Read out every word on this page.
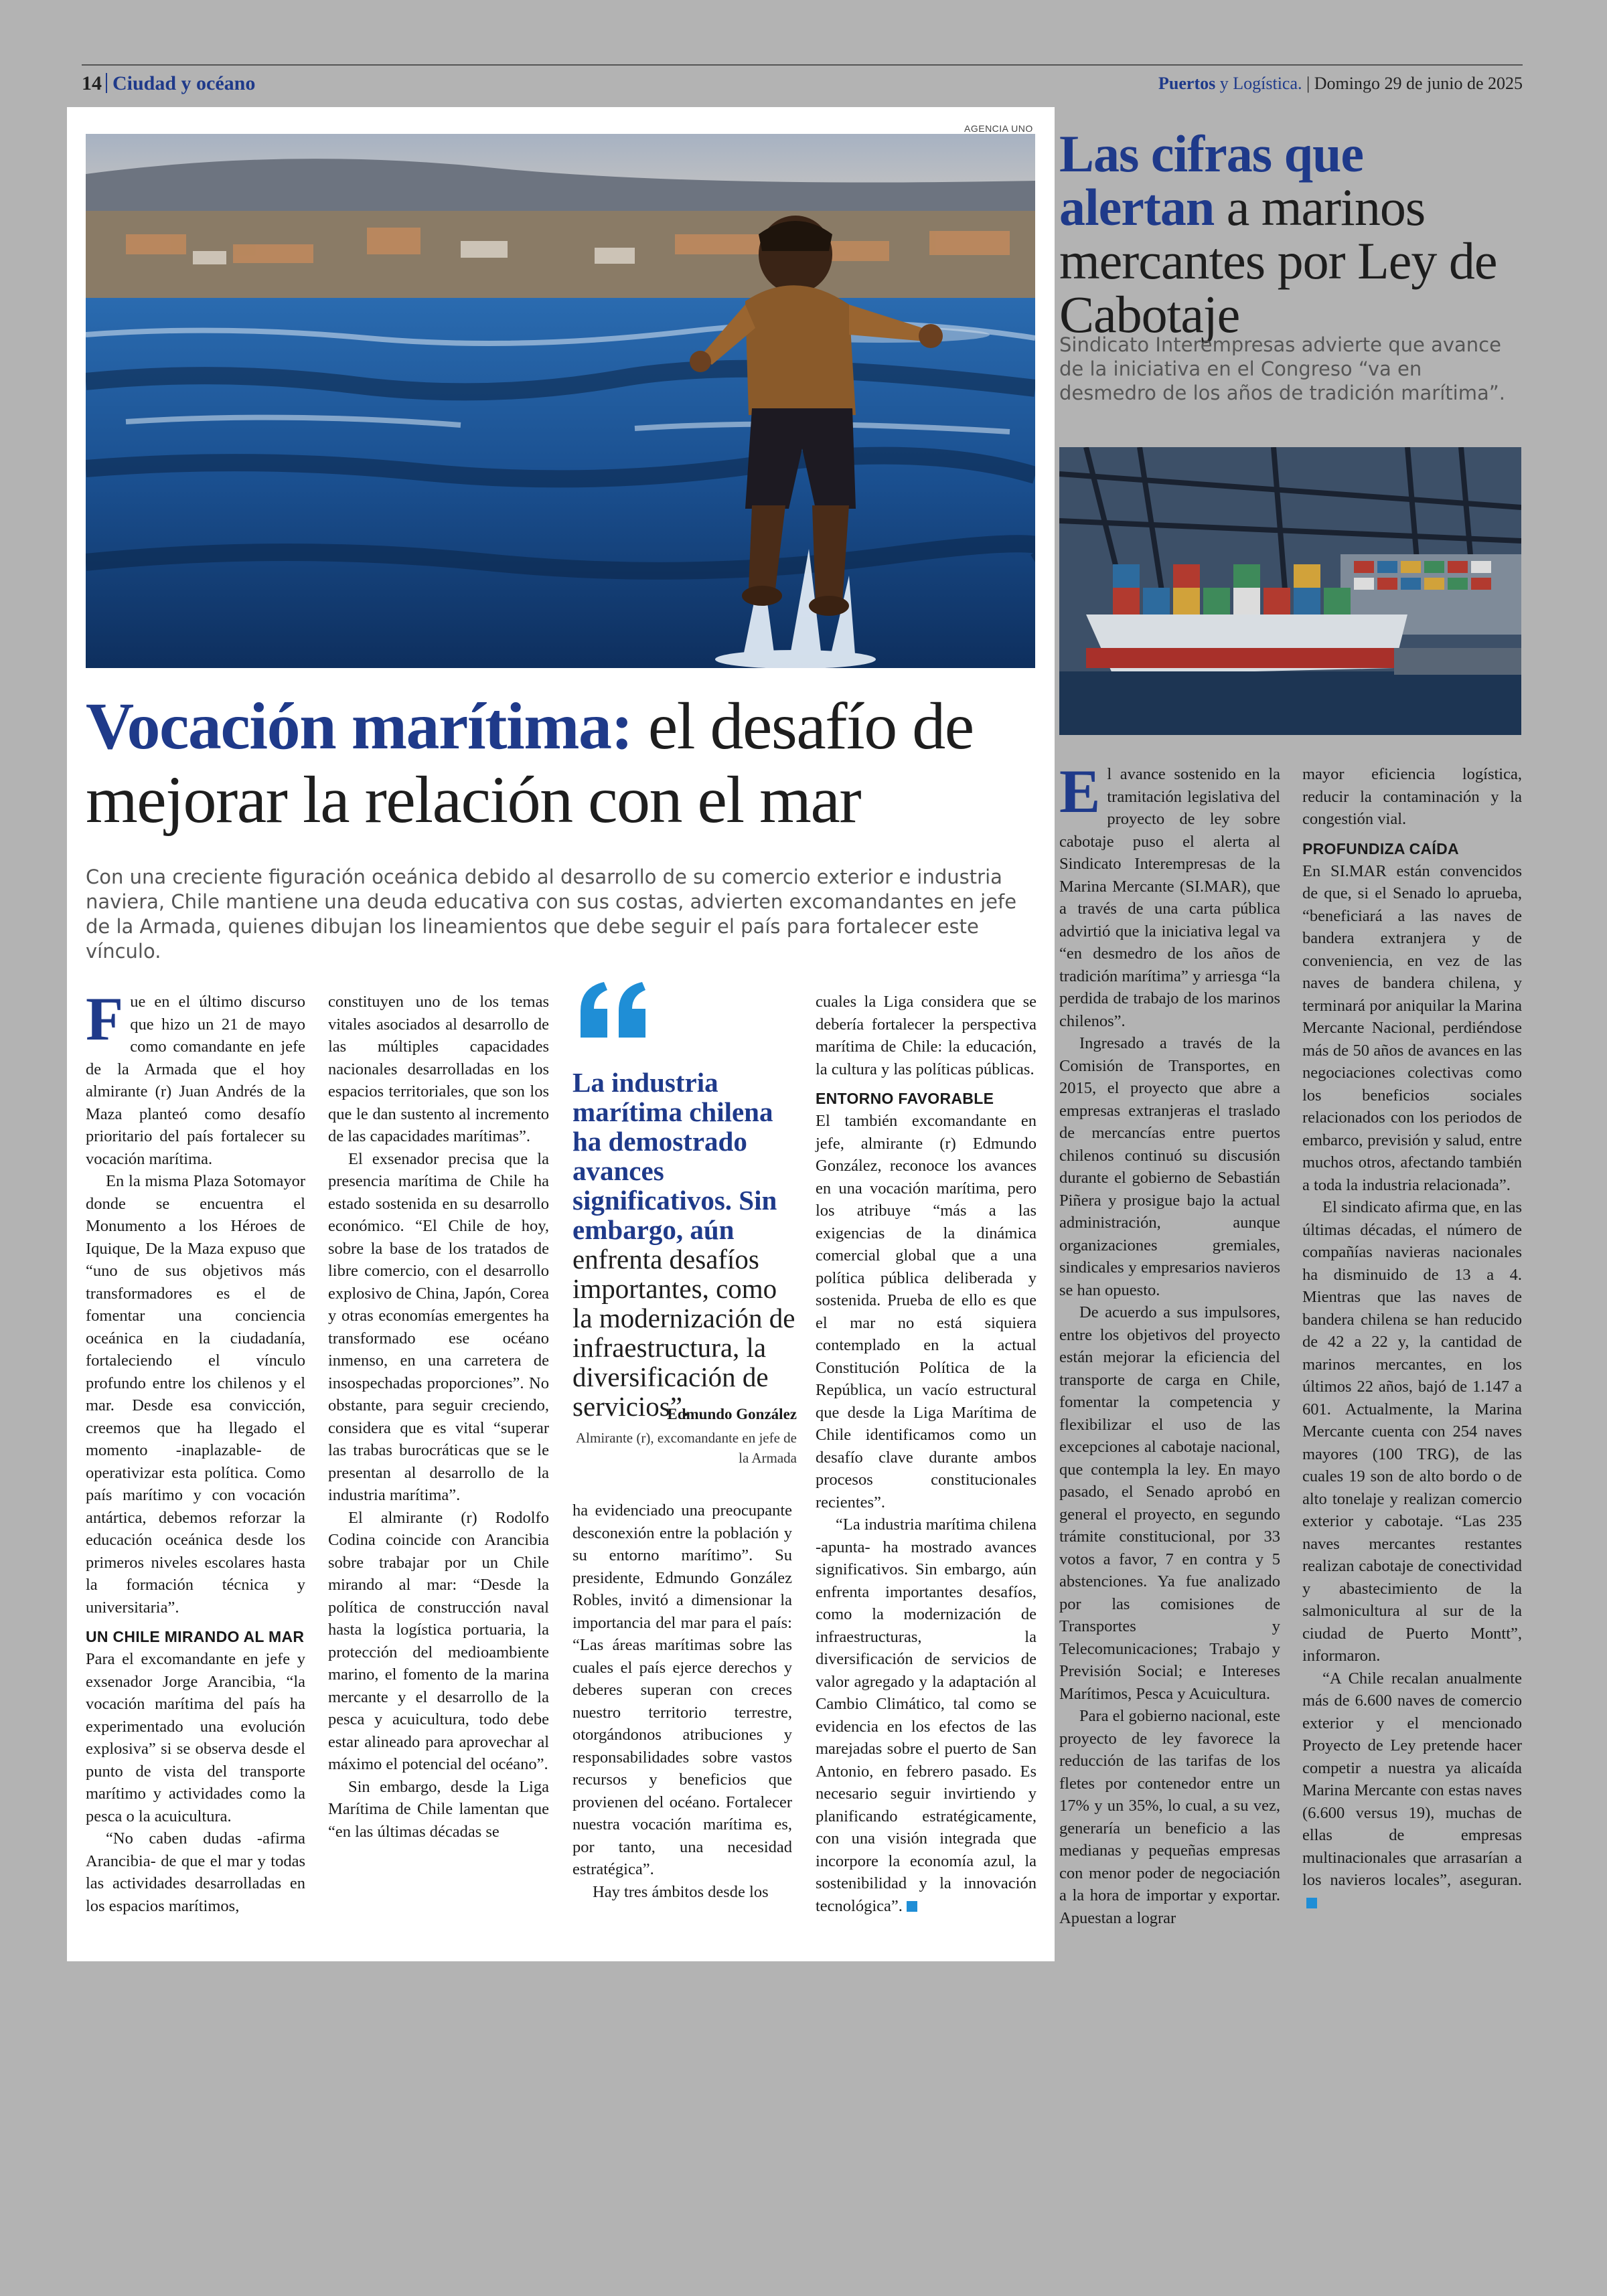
14 Ciudad y océano	Puertos y Logística. | Domingo 29 de junio de 2025
AGENCIA UNO
Vocación marítima: el desafío de mejorar la relación con el mar
Con una creciente figuración oceánica debido al desarrollo de su comercio exterior e industria naviera, Chile mantiene una deuda educativa con sus costas, advierten excomandantes en jefe de la Armada, quienes dibujan los lineamientos que debe seguir el país para fortalecer este vínculo.

Fue en el último discurso que hizo un 21 de mayo como comandante en jefe de la Armada que el hoy almirante (r) Juan Andrés de la Maza planteó como desafío prioritario del país fortalecer su vocación marítima.

En la misma Plaza Sotomayor donde se encuentra el Monumento a los Héroes de Iquique, De la Maza expuso que “uno de sus objetivos más transformadores es el de fomentar una conciencia oceánica en la ciudadanía, fortaleciendo el vínculo profundo entre los chilenos y el mar. Desde esa convicción, creemos que ha llegado el momento -inaplazable- de operativizar esta política. Como país marítimo y con vocación antártica, debemos reforzar la educación oceánica desde los primeros niveles escolares hasta la formación técnica y universitaria”.

UN CHILE MIRANDO AL MAR

Para el excomandante en jefe y exsenador Jorge Arancibia, “la vocación marítima del país ha experimentado una evolución explosiva” si se observa desde el punto de vista del transporte marítimo y actividades como la pesca o la acuicultura.

“No caben dudas -afirma Arancibia- de que el mar y todas las actividades desarrolladas en los espacios marítimos,

constituyen uno de los temas vitales asociados al desarrollo de las múltiples capacidades nacionales desarrolladas en los espacios territoriales, que son los que le dan sustento al incremento de las capacidades marítimas”.

El exsenador precisa que la presencia marítima de Chile ha estado sostenida en su desarrollo económico. “El Chile de hoy, sobre la base de los tratados de libre comercio, con el desarrollo explosivo de China, Japón, Corea y otras economías emergentes ha transformado ese océano inmenso, en una carretera de insospechadas proporciones”. No obstante, para seguir creciendo, considera que es vital “superar las trabas burocráticas que se le presentan al desarrollo de la industria marítima”.

El almirante (r) Rodolfo Codina coincide con Arancibia sobre trabajar por un Chile mirando al mar: “Desde la política de construcción naval hasta la logística portuaria, la protección del medioambiente marino, el fomento de la marina mercante y el desarrollo de la pesca y acuicultura, todo debe estar alineado para aprovechar al máximo el potencial del océano”.

Sin embargo, desde la Liga Marítima de Chile lamentan que “en las últimas décadas se

La industria marítima chilena ha demostrado avances significativos. Sin embargo, aún enfrenta desafíos importantes, como la modernización de infraestructura, la diversificación de servicios”.
Edmundo González
Almirante (r), excomandante en jefe de la Armada

ha evidenciado una preocupante desconexión entre la población y su entorno marítimo”. Su presidente, Edmundo González Robles, invitó a dimensionar la importancia del mar para el país: “Las áreas marítimas sobre las cuales el país ejerce derechos y deberes superan con creces nuestro territorio terrestre, otorgándonos atribuciones y responsabilidades sobre vastos recursos y beneficios que provienen del océano. Fortalecer nuestra vocación marítima es, por tanto, una necesidad estratégica”.

Hay tres ámbitos desde los

cuales la Liga considera que se debería fortalecer la perspectiva marítima de Chile: la educación, la cultura y las políticas públicas.

ENTORNO FAVORABLE

El también excomandante en jefe, almirante (r) Edmundo González, reconoce los avances en una vocación marítima, pero los atribuye “más a las exigencias de la dinámica comercial global que a una política pública deliberada y sostenida. Prueba de ello es que el mar no está siquiera contemplado en la actual Constitución Política de la República, un vacío estructural que desde la Liga Marítima de Chile identificamos como un desafío clave durante ambos procesos constitucionales recientes”.

“La industria marítima chilena -apunta- ha mostrado avances significativos. Sin embargo, aún enfrenta importantes desafíos, como la modernización de infraestructuras, la diversificación de servicios de valor agregado y la adaptación al Cambio Climático, tal como se evidencia en los efectos de las marejadas sobre el puerto de San Antonio, en febrero pasado. Es necesario seguir invirtiendo y planificando estratégicamente, con una visión integrada que incorpore la economía azul, la sostenibilidad y la innovación tecnológica”.

Las cifras que alertan a marinos mercantes por Ley de Cabotaje
Sindicato Interempresas advierte que avance de la iniciativa en el Congreso “va en desmedro de los años de tradición marítima”.

El avance sostenido en la tramitación legislativa del proyecto de ley sobre cabotaje puso el alerta al Sindicato Interempresas de la Marina Mercante (SI.MAR), que a través de una carta pública advirtió que la iniciativa legal va “en desmedro de los años de tradición marítima” y arriesga “la perdida de trabajo de los marinos chilenos”.

Ingresado a través de la Comisión de Transportes, en 2015, el proyecto que abre a empresas extranjeras el traslado de mercancías entre puertos chilenos continuó su discusión durante el gobierno de Sebastián Piñera y prosigue bajo la actual administración, aunque organizaciones gremiales, sindicales y empresarios navieros se han opuesto.

De acuerdo a sus impulsores, entre los objetivos del proyecto están mejorar la eficiencia del transporte de carga en Chile, fomentar la competencia y flexibilizar el uso de las excepciones al cabotaje nacional, que contempla la ley. En mayo pasado, el Senado aprobó en general el proyecto, en segundo trámite constitucional, por 33 votos a favor, 7 en contra y 5 abstenciones. Ya fue analizado por las comisiones de Transportes y Telecomunicaciones; Trabajo y Previsión Social; e Intereses Marítimos, Pesca y Acuicultura.

Para el gobierno nacional, este proyecto de ley favorece la reducción de las tarifas de los fletes por contenedor entre un 17% y un 35%, lo cual, a su vez, generaría un beneficio a las medianas y pequeñas empresas con menor poder de negociación a la hora de importar y exportar. Apuestan a lograr

mayor eficiencia logística, reducir la contaminación y la congestión vial.

PROFUNDIZA CAÍDA

En SI.MAR están convencidos de que, si el Senado lo aprueba, “beneficiará a las naves de bandera extranjera y de conveniencia, en vez de las naves de bandera chilena, y terminará por aniquilar la Marina Mercante Nacional, perdiéndose más de 50 años de avances en las negociaciones colectivas como los beneficios sociales relacionados con los periodos de embarco, previsión y salud, entre muchos otros, afectando también a toda la industria relacionada”.

El sindicato afirma que, en las últimas décadas, el número de compañías navieras nacionales ha disminuido de 13 a 4. Mientras que las naves de bandera chilena se han reducido de 42 a 22 y, la cantidad de marinos mercantes, en los últimos 22 años, bajó de 1.147 a 601. Actualmente, la Marina Mercante cuenta con 254 naves mayores (100 TRG), de las cuales 19 son de alto bordo o de alto tonelaje y realizan comercio exterior y cabotaje. “Las 235 naves mercantes restantes realizan cabotaje de conectividad y abastecimiento de la salmonicultura al sur de la ciudad de Puerto Montt”, informaron.

“A Chile recalan anualmente más de 6.600 naves de comercio exterior y el mencionado Proyecto de Ley pretende hacer competir a nuestra ya alicaída Marina Mercante con estas naves (6.600 versus 19), muchas de ellas de empresas multinacionales que arrasarían a los navieros locales”, aseguran.
